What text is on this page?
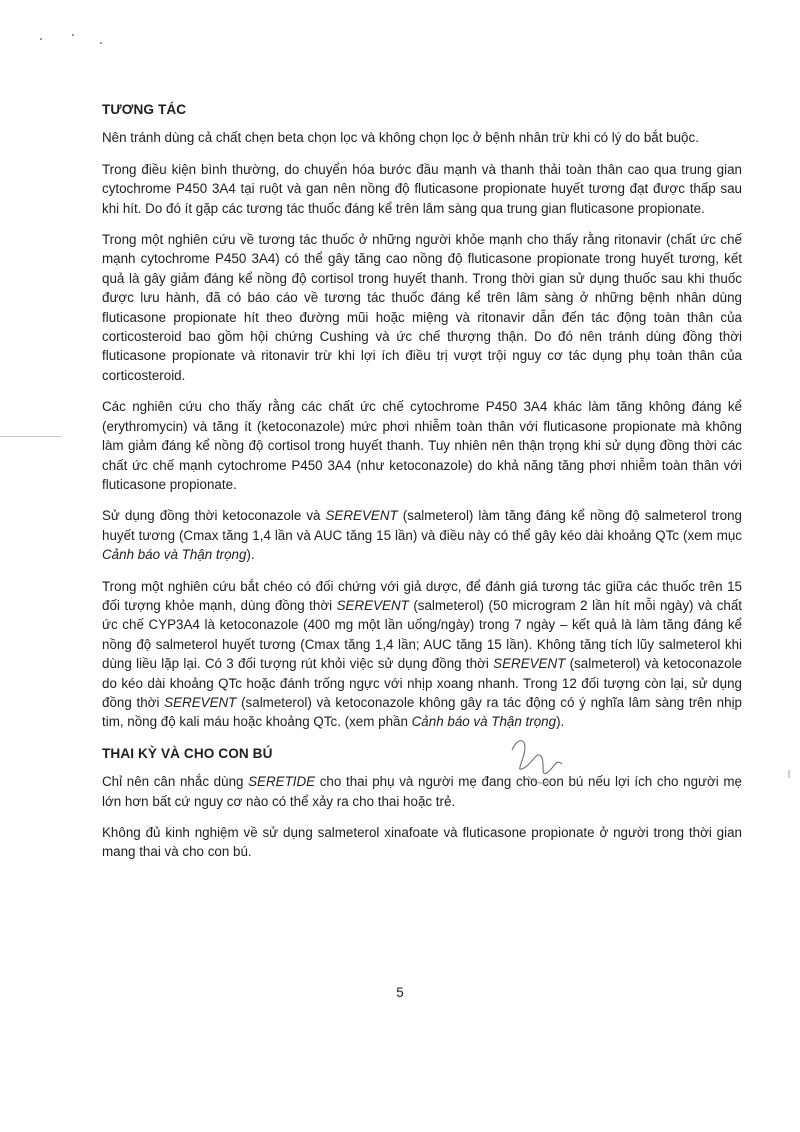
TƯƠNG TÁC

Nên tránh dùng cả chất chẹn beta chọn lọc và không chọn lọc ở bệnh nhân trừ khi có lý do bắt buộc.

Trong điều kiện bình thường, do chuyển hóa bước đầu mạnh và thanh thải toàn thân cao qua trung gian cytochrome P450 3A4 tại ruột và gan nên nồng độ fluticasone propionate huyết tương đạt được thấp sau khi hít. Do đó ít gặp các tương tác thuốc đáng kể trên lâm sàng qua trung gian fluticasone propionate.

Trong một nghiên cứu về tương tác thuốc ở những người khỏe mạnh cho thấy rằng ritonavir (chất ức chế mạnh cytochrome P450 3A4) có thể gây tăng cao nồng độ fluticasone propionate trong huyết tương, kết quả là gây giảm đáng kể nồng độ cortisol trong huyết thanh. Trong thời gian sử dụng thuốc sau khi thuốc được lưu hành, đã có báo cáo về tương tác thuốc đáng kể trên lâm sàng ở những bệnh nhân dùng fluticasone propionate hít theo đường mũi hoặc miệng và ritonavir dẫn đến tác động toàn thân của corticosteroid bao gồm hội chứng Cushing và ức chế thượng thận. Do đó nên tránh dùng đồng thời fluticasone propionate và ritonavir trừ khi lợi ích điều trị vượt trội nguy cơ tác dụng phụ toàn thân của corticosteroid.

Các nghiên cứu cho thấy rằng các chất ức chế cytochrome P450 3A4 khác làm tăng không đáng kể (erythromycin) và tăng ít (ketoconazole) mức phơi nhiễm toàn thân với fluticasone propionate mà không làm giảm đáng kể nồng độ cortisol trong huyết thanh. Tuy nhiên nên thận trọng khi sử dụng đồng thời các chất ức chế mạnh cytochrome P450 3A4 (như ketoconazole) do khả năng tăng phơi nhiễm toàn thân với fluticasone propionate.

Sử dụng đồng thời ketoconazole và SEREVENT (salmeterol) làm tăng đáng kể nồng độ salmeterol trong huyết tương (Cmax tăng 1,4 lần và AUC tăng 15 lần) và điều này có thể gây kéo dài khoảng QTc (xem mục Cảnh báo và Thận trọng).

Trong một nghiên cứu bắt chéo có đối chứng với giả dược, để đánh giá tương tác giữa các thuốc trên 15 đối tượng khỏe mạnh, dùng đồng thời SEREVENT (salmeterol) (50 microgram 2 lần hít mỗi ngày) và chất ức chế CYP3A4 là ketoconazole (400 mg một lần uống/ngày) trong 7 ngày – kết quả là làm tăng đáng kể nồng độ salmeterol huyết tương (Cmax tăng 1,4 lần; AUC tăng 15 lần). Không tăng tích lũy salmeterol khi dùng liều lặp lại. Có 3 đối tượng rút khỏi việc sử dụng đồng thời SEREVENT (salmeterol) và ketoconazole do kéo dài khoảng QTc hoặc đánh trống ngực với nhịp xoang nhanh. Trong 12 đối tượng còn lại, sử dụng đồng thời SEREVENT (salmeterol) và ketoconazole không gây ra tác động có ý nghĩa lâm sàng trên nhịp tim, nồng độ kali máu hoặc khoảng QTc. (xem phần Cảnh báo và Thận trọng).

THAI KỲ VÀ CHO CON BÚ

Chỉ nên cân nhắc dùng SERETIDE cho thai phụ và người mẹ đang cho con bú nếu lợi ích cho người mẹ lớn hơn bất cứ nguy cơ nào có thể xảy ra cho thai hoặc trẻ.

Không đủ kinh nghiệm về sử dụng salmeterol xinafoate và fluticasone propionate ở người trong thời gian mang thai và cho con bú.

5
